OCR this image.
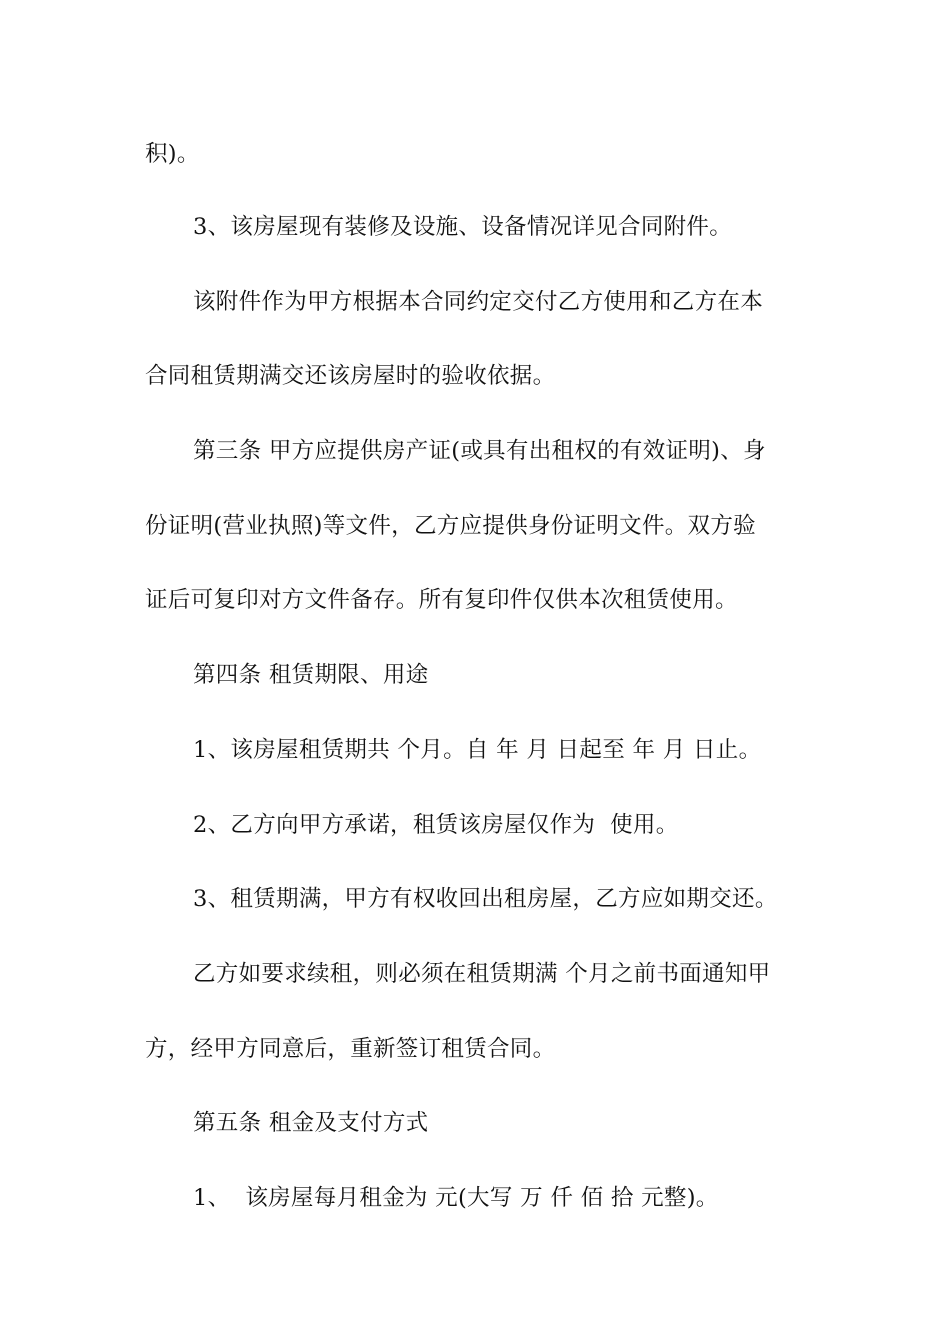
积)。
3、该房屋现有装修及设施、设备情况详见合同附件。
该附件作为甲方根据本合同约定交付乙方使用和乙方在本
合同租赁期满交还该房屋时的验收依据。
第三条 甲方应提供房产证(或具有出租权的有效证明)、身
份证明(营业执照)等文件，乙方应提供身份证明文件。双方验
证后可复印对方文件备存。所有复印件仅供本次租赁使用。
第四条 租赁期限、用途
1、该房屋租赁期共 个月。自 年 月 日起至 年 月 日止。
2、乙方向甲方承诺，租赁该房屋仅作为  使用。
3、租赁期满，甲方有权收回出租房屋，乙方应如期交还。
乙方如要求续租，则必须在租赁期满 个月之前书面通知甲
方，经甲方同意后，重新签订租赁合同。
第五条 租金及支付方式
1、  该房屋每月租金为 元(大写 万 仟 佰 拾 元整)。
